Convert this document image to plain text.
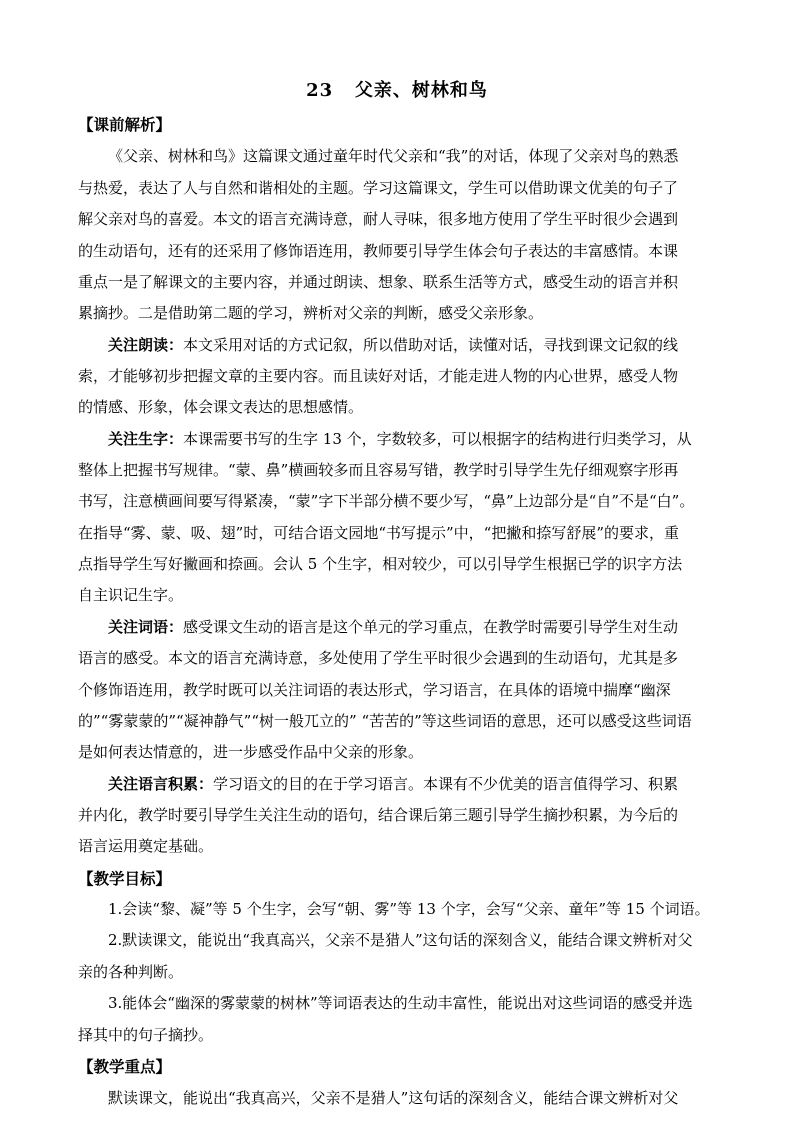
23   父亲、树林和鸟
【课前解析】
《父亲、树林和鸟》这篇课文通过童年时代父亲和“我”的对话，体现了父亲对鸟的熟悉
与热爱，表达了人与自然和谐相处的主题。学习这篇课文，学生可以借助课文优美的句子了
解父亲对鸟的喜爱。本文的语言充满诗意，耐人寻味，很多地方使用了学生平时很少会遇到
的生动语句，还有的还采用了修饰语连用，教师要引导学生体会句子表达的丰富感情。本课
重点一是了解课文的主要内容，并通过朗读、想象、联系生活等方式，感受生动的语言并积
累摘抄。二是借助第二题的学习，辨析对父亲的判断，感受父亲形象。
关注朗读：本文采用对话的方式记叙，所以借助对话，读懂对话，寻找到课文记叙的线
索，才能够初步把握文章的主要内容。而且读好对话，才能走进人物的内心世界，感受人物
的情感、形象，体会课文表达的思想感情。
关注生字：本课需要书写的生字 13 个，字数较多，可以根据字的结构进行归类学习，从
整体上把握书写规律。“蒙、鼻”横画较多而且容易写错，教学时引导学生先仔细观察字形再
书写，注意横画间要写得紧凑，“蒙”字下半部分横不要少写，“鼻”上边部分是“自”不是“白”。
在指导“雾、蒙、吸、翅”时，可结合语文园地“书写提示”中，“把撇和捺写舒展”的要求，重
点指导学生写好撇画和捺画。会认 5 个生字，相对较少，可以引导学生根据已学的识字方法
自主识记生字。
关注词语：感受课文生动的语言是这个单元的学习重点，在教学时需要引导学生对生动
语言的感受。本文的语言充满诗意，多处使用了学生平时很少会遇到的生动语句，尤其是多
个修饰语连用，教学时既可以关注词语的表达形式，学习语言，在具体的语境中揣摩“幽深
的”“雾蒙蒙的”“凝神静气”“树一般兀立的” “苦苦的”等这些词语的意思，还可以感受这些词语
是如何表达情意的，进一步感受作品中父亲的形象。
关注语言积累：学习语文的目的在于学习语言。本课有不少优美的语言值得学习、积累
并内化，教学时要引导学生关注生动的语句，结合课后第三题引导学生摘抄积累，为今后的
语言运用奠定基础。
【教学目标】
1.会读“黎、凝”等 5 个生字，会写“朝、雾”等 13 个字，会写“父亲、童年”等 15 个词语。
2.默读课文，能说出“我真高兴，父亲不是猎人”这句话的深刻含义，能结合课文辨析对父
亲的各种判断。
3.能体会“幽深的雾蒙蒙的树林”等词语表达的生动丰富性，能说出对这些词语的感受并选
择其中的句子摘抄。
【教学重点】
默读课文，能说出“我真高兴，父亲不是猎人”这句话的深刻含义，能结合课文辨析对父
